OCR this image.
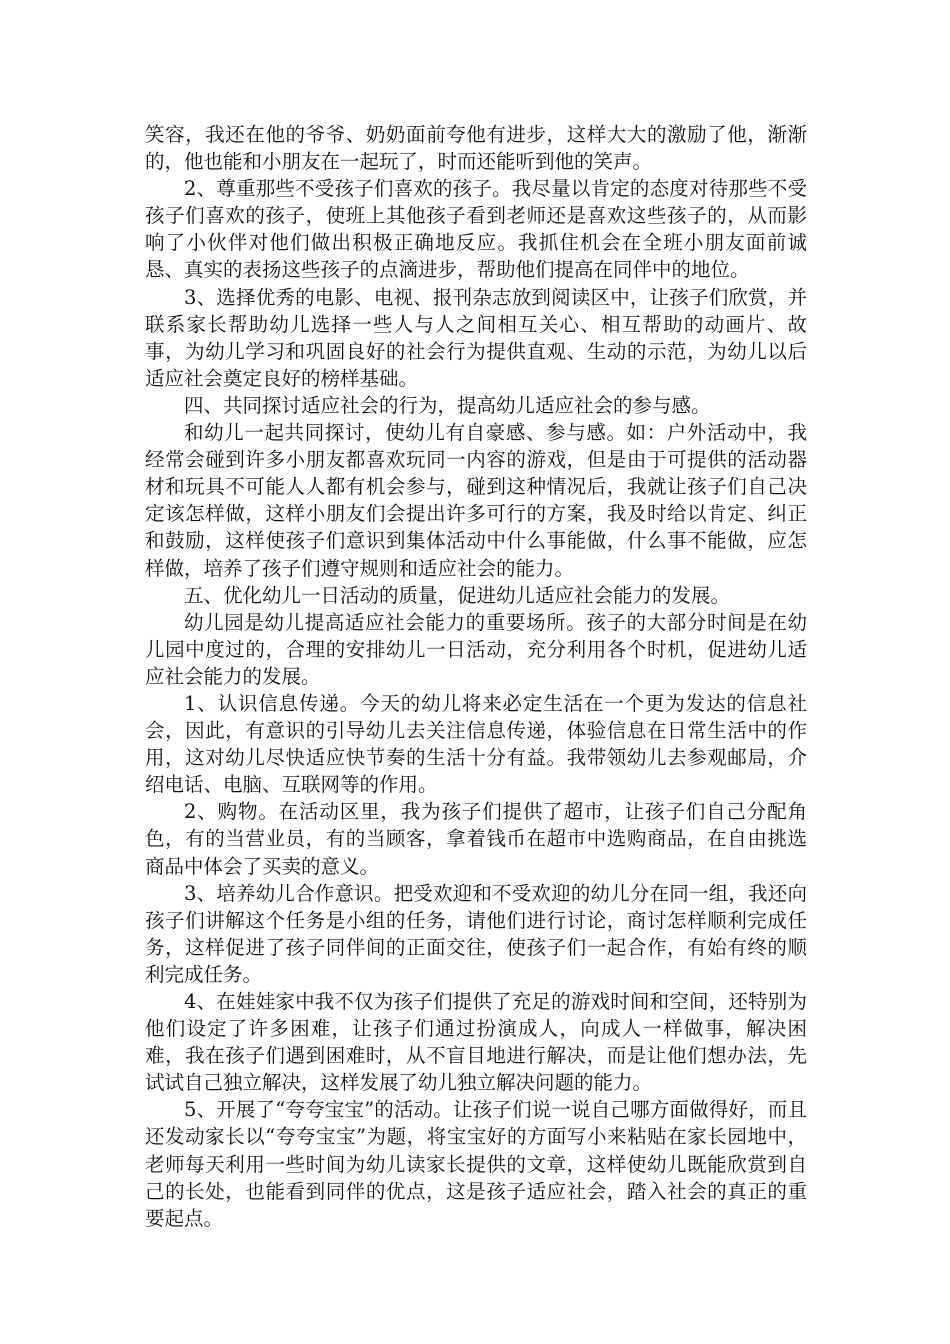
笑容，我还在他的爷爷、奶奶面前夸他有进步，这样大大的激励了他，渐渐的，他也能和小朋友在一起玩了，时而还能听到他的笑声。

2、尊重那些不受孩子们喜欢的孩子。我尽量以肯定的态度对待那些不受孩子们喜欢的孩子，使班上其他孩子看到老师还是喜欢这些孩子的，从而影响了小伙伴对他们做出积极正确地反应。我抓住机会在全班小朋友面前诚恳、真实的表扬这些孩子的点滴进步，帮助他们提高在同伴中的地位。

3、选择优秀的电影、电视、报刊杂志放到阅读区中，让孩子们欣赏，并联系家长帮助幼儿选择一些人与人之间相互关心、相互帮助的动画片、故事，为幼儿学习和巩固良好的社会行为提供直观、生动的示范，为幼儿以后适应社会奠定良好的榜样基础。

四、共同探讨适应社会的行为，提高幼儿适应社会的参与感。

和幼儿一起共同探讨，使幼儿有自豪感、参与感。如：户外活动中，我经常会碰到许多小朋友都喜欢玩同一内容的游戏，但是由于可提供的活动器材和玩具不可能人人都有机会参与，碰到这种情况后，我就让孩子们自己决定该怎样做，这样小朋友们会提出许多可行的方案，我及时给以肯定、纠正和鼓励，这样使孩子们意识到集体活动中什么事能做，什么事不能做，应怎样做，培养了孩子们遵守规则和适应社会的能力。

五、优化幼儿一日活动的质量，促进幼儿适应社会能力的发展。

幼儿园是幼儿提高适应社会能力的重要场所。孩子的大部分时间是在幼儿园中度过的，合理的安排幼儿一日活动，充分利用各个时机，促进幼儿适应社会能力的发展。

1、认识信息传递。今天的幼儿将来必定生活在一个更为发达的信息社会，因此，有意识的引导幼儿去关注信息传递，体验信息在日常生活中的作用，这对幼儿尽快适应快节奏的生活十分有益。我带领幼儿去参观邮局，介绍电话、电脑、互联网等的作用。

2、购物。在活动区里，我为孩子们提供了超市，让孩子们自己分配角色，有的当营业员，有的当顾客，拿着钱币在超市中选购商品，在自由挑选商品中体会了买卖的意义。

3、培养幼儿合作意识。把受欢迎和不受欢迎的幼儿分在同一组，我还向孩子们讲解这个任务是小组的任务，请他们进行讨论，商讨怎样顺利完成任务，这样促进了孩子同伴间的正面交往，使孩子们一起合作，有始有终的顺利完成任务。

4、在娃娃家中我不仅为孩子们提供了充足的游戏时间和空间，还特别为他们设定了许多困难，让孩子们通过扮演成人，向成人一样做事，解决困难，我在孩子们遇到困难时，从不盲目地进行解决，而是让他们想办法，先试试自己独立解决，这样发展了幼儿独立解决问题的能力。

5、开展了“夸夸宝宝”的活动。让孩子们说一说自己哪方面做得好，而且还发动家长以“夸夸宝宝”为题，将宝宝好的方面写小来粘贴在家长园地中，老师每天利用一些时间为幼儿读家长提供的文章，这样使幼儿既能欣赏到自己的长处，也能看到同伴的优点，这是孩子适应社会，踏入社会的真正的重要起点。
